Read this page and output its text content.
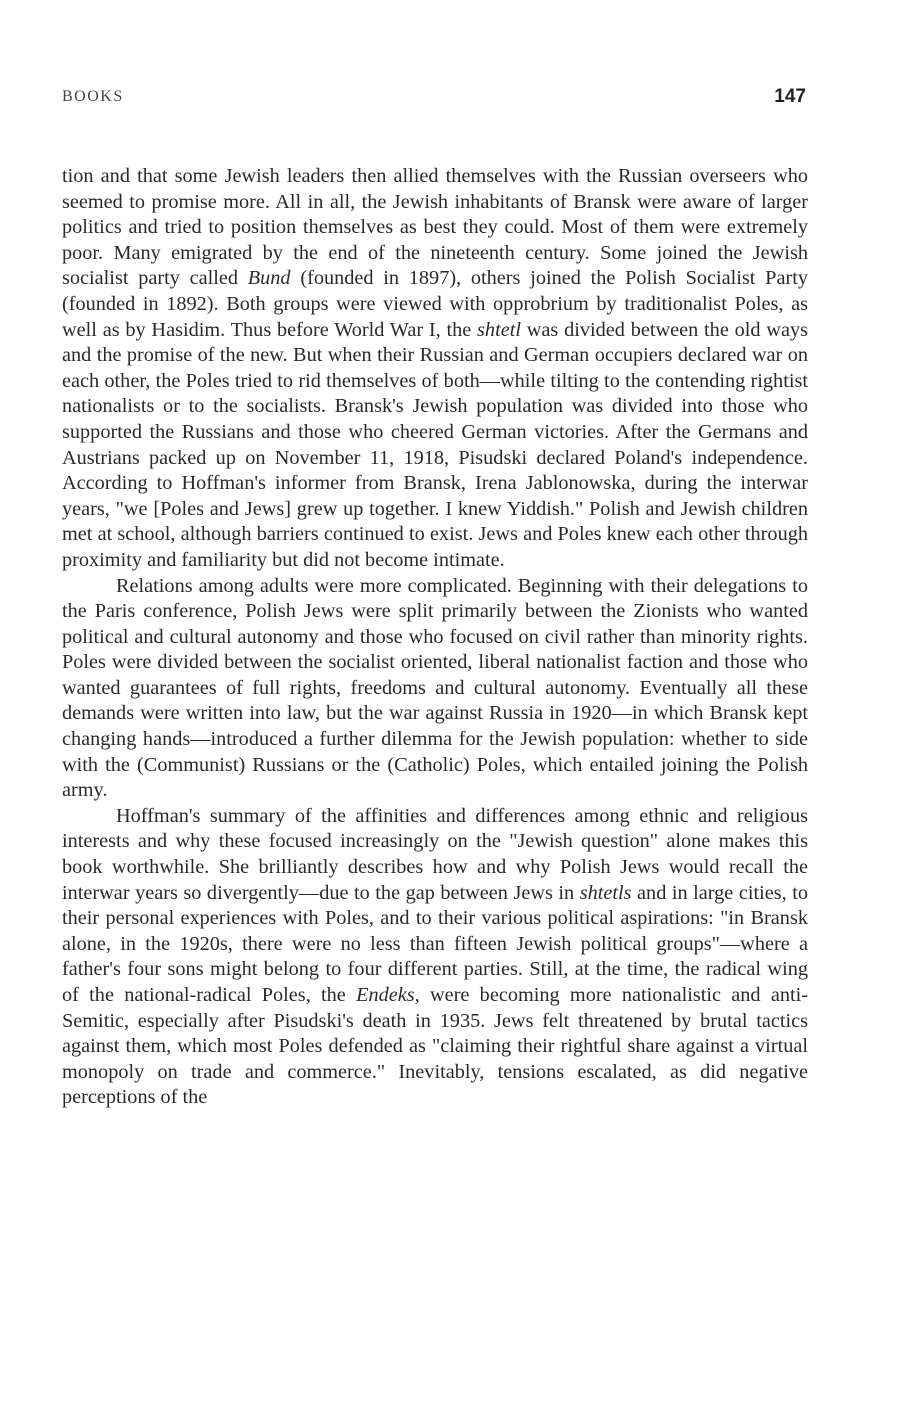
BOOKS	147

tion and that some Jewish leaders then allied themselves with the Russian overseers who seemed to promise more. All in all, the Jewish inhabitants of Bransk were aware of larger politics and tried to position themselves as best they could. Most of them were extremely poor. Many emigrated by the end of the nineteenth century. Some joined the Jewish socialist party called Bund (founded in 1897), others joined the Polish Socialist Party (founded in 1892). Both groups were viewed with opprobrium by traditionalist Poles, as well as by Hasidim. Thus before World War I, the shtetl was divided between the old ways and the promise of the new. But when their Russian and German occupiers declared war on each other, the Poles tried to rid themselves of both—while tilting to the contending rightist nationalists or to the socialists. Bransk's Jewish population was divided into those who supported the Russians and those who cheered German victories. After the Germans and Austrians packed up on November 11, 1918, Pisudski declared Poland's independence. According to Hoffman's informer from Bransk, Irena Jablonowska, during the interwar years, "we [Poles and Jews] grew up together. I knew Yiddish." Polish and Jewish children met at school, although barriers continued to exist. Jews and Poles knew each other through proximity and familiarity but did not become intimate.

Relations among adults were more complicated. Beginning with their delegations to the Paris conference, Polish Jews were split primarily between the Zionists who wanted political and cultural autonomy and those who focused on civil rather than minority rights. Poles were divided between the socialist oriented, liberal nationalist faction and those who wanted guarantees of full rights, freedoms and cultural autonomy. Eventually all these demands were written into law, but the war against Russia in 1920—in which Bransk kept changing hands—introduced a further dilemma for the Jewish population: whether to side with the (Communist) Russians or the (Catholic) Poles, which entailed joining the Polish army.

Hoffman's summary of the affinities and differences among ethnic and religious interests and why these focused increasingly on the "Jewish question" alone makes this book worthwhile. She brilliantly describes how and why Polish Jews would recall the interwar years so divergently—due to the gap between Jews in shtetls and in large cities, to their personal experiences with Poles, and to their various political aspirations: "in Bransk alone, in the 1920s, there were no less than fifteen Jewish political groups"—where a father's four sons might belong to four different parties. Still, at the time, the radical wing of the national-radical Poles, the Endeks, were becoming more nationalistic and anti-Semitic, especially after Pisudski's death in 1935. Jews felt threatened by brutal tactics against them, which most Poles defended as "claiming their rightful share against a virtual monopoly on trade and commerce." Inevitably, tensions escalated, as did negative perceptions of the
